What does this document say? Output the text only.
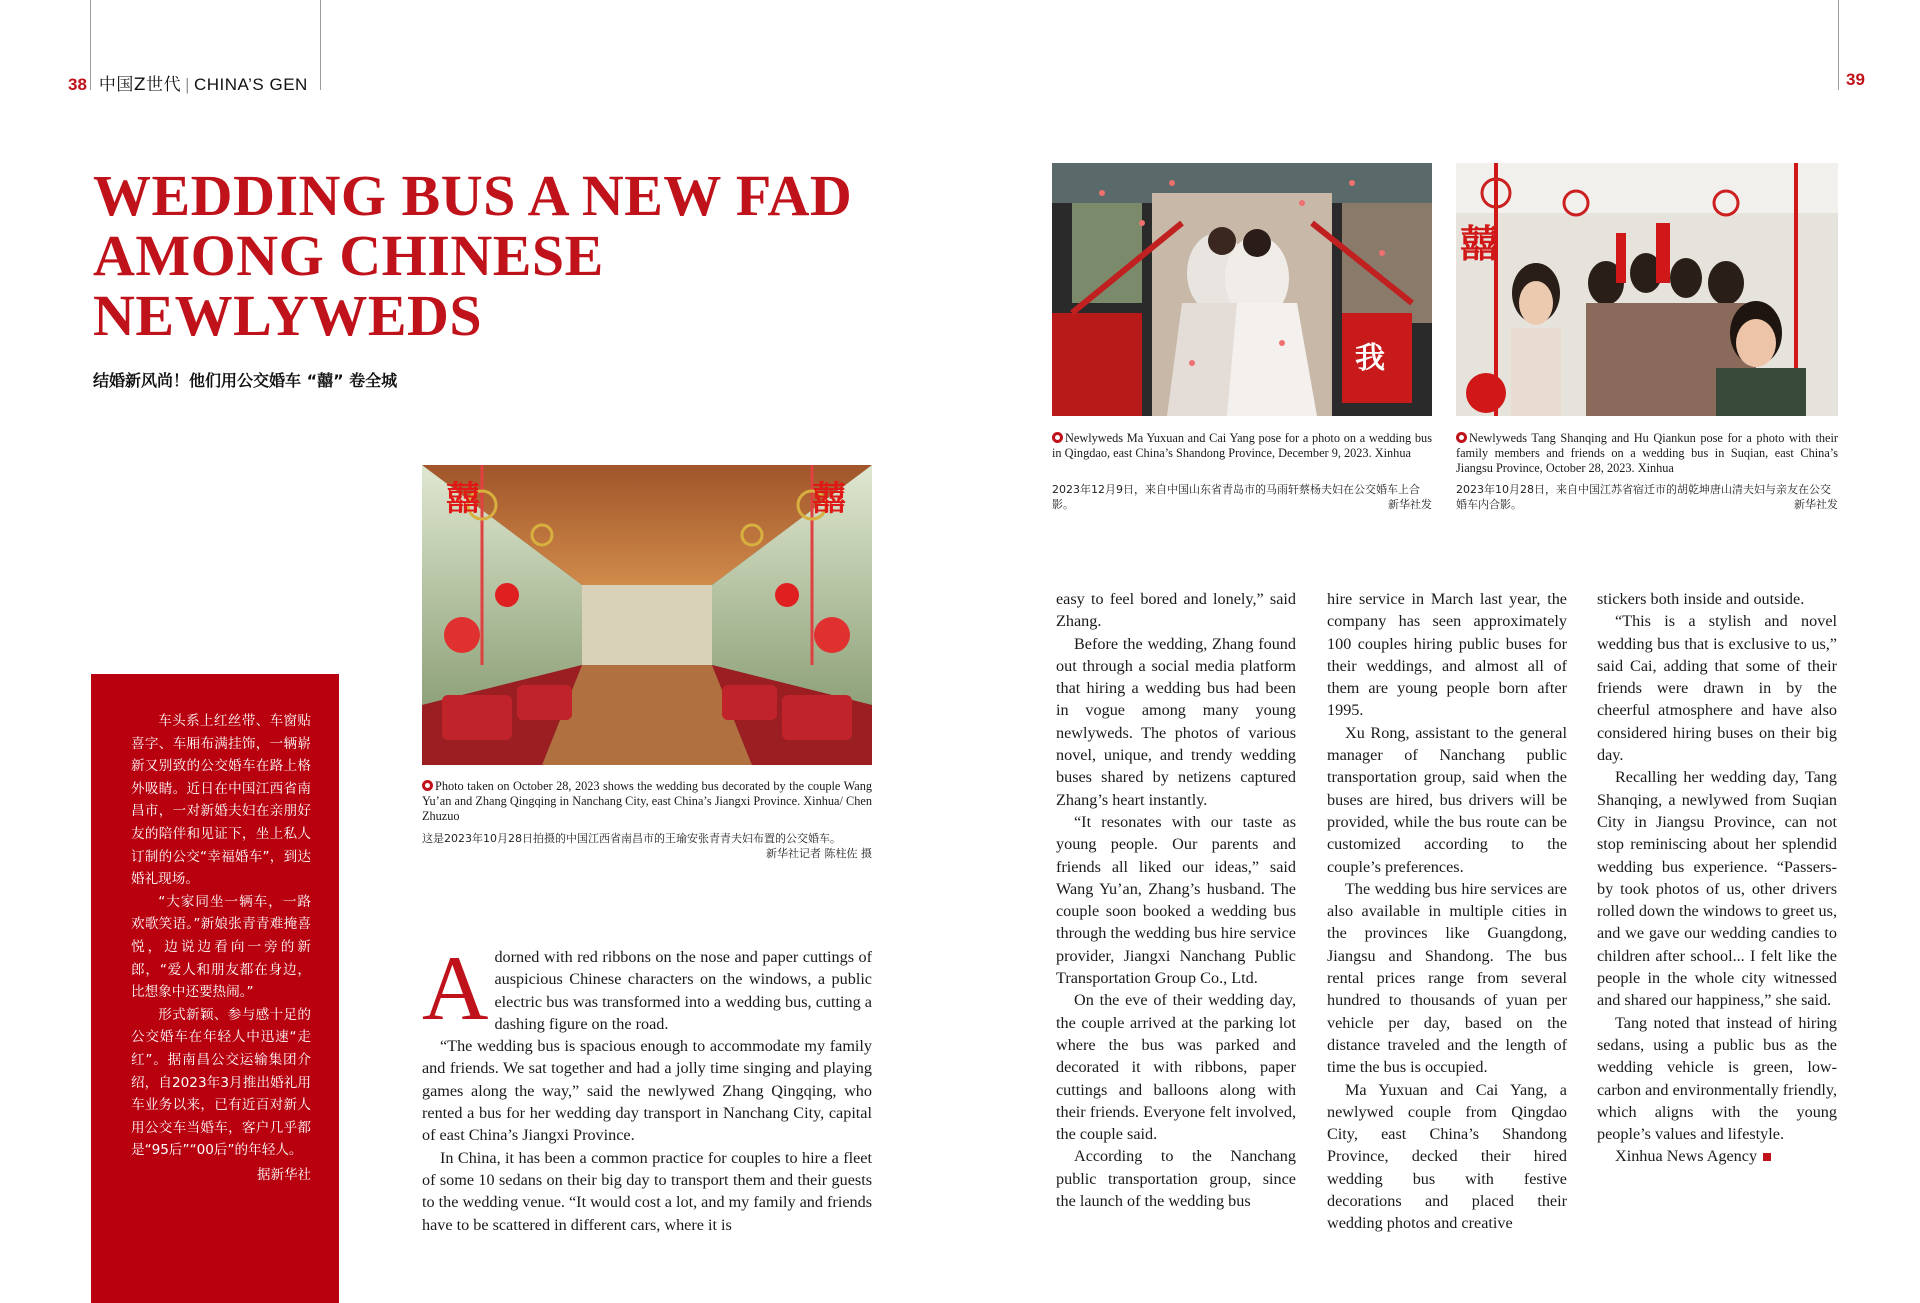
38 中国Z世代 | CHINA’S GEN	39
WEDDING BUS A NEW FAD
AMONG CHINESE
NEWLYWEDS
结婚新风尚！他们用公交婚车 “囍” 卷全城

车头系上红丝带、车窗贴喜字、车厢布满挂饰，一辆崭新又别致的公交婚车在路上格外吸睛。近日在中国江西省南昌市，一对新婚夫妇在亲朋好友的陪伴和见证下，坐上私人订制的公交“幸福婚车”，到达婚礼现场。

“大家同坐一辆车，一路欢歌笑语。”新娘张青青难掩喜悦，边说边看向一旁的新郎，“爱人和朋友都在身边，比想象中还要热闹。”

形式新颖、参与感十足的公交婚车在年轻人中迅速“走红”。据南昌公交运输集团介绍，自2023年3月推出婚礼用车业务以来，已有近百对新人用公交车当婚车，客户几乎都是“95后”“00后”的年轻人。

据新华社
囍	囍
Photo taken on October 28, 2023 shows the wedding bus decorated by the couple Wang Yu’an and Zhang Qingqing in Nanchang City, east China’s Jiangxi Province. Xinhua/ Chen Zhuzuo
这是2023年10月28日拍摄的中国江西省南昌市的王瑜安张青青夫妇布置的公交婚车。
新华社记者 陈柱佐 摄
我
Newlyweds Ma Yuxuan and Cai Yang pose for a photo on a wedding bus in Qingdao, east China’s Shandong Province, December 9, 2023. Xinhua
2023年12月9日，来自中国山东省青岛市的马雨轩蔡杨夫妇在公交婚车上合影。	新华社发
囍
Newlyweds Tang Shanqing and Hu Qiankun pose for a photo with their family members and friends on a wedding bus in Suqian, east China’s Jiangsu Province, October 28, 2023. Xinhua
2023年10月28日，来自中国江苏省宿迁市的胡乾坤唐山清夫妇与亲友在公交婚车内合影。	新华社发

Adorned with red ribbons on the nose and paper cuttings of auspicious Chinese characters on the windows, a public electric bus was transformed into a wedding bus, cutting a dashing figure on the road.

“The wedding bus is spacious enough to accommodate my family and friends. We sat together and had a jolly time singing and playing games along the way,” said the newlywed Zhang Qingqing, who rented a bus for her wedding day transport in Nanchang City, capital of east China’s Jiangxi Province.

In China, it has been a common practice for couples to hire a fleet of some 10 sedans on their big day to transport them and their guests to the wedding venue. “It would cost a lot, and my family and friends have to be scattered in different cars, where it is

easy to feel bored and lonely,” said Zhang.

Before the wedding, Zhang found out through a social media platform that hiring a wedding bus had been in vogue among many young newlyweds. The photos of various novel, unique, and trendy wedding buses shared by netizens captured Zhang’s heart instantly.

“It resonates with our taste as young people. Our parents and friends all liked our ideas,” said Wang Yu’an, Zhang’s husband. The couple soon booked a wedding bus through the wedding bus hire service provider, Jiangxi Nanchang Public Transportation Group Co., Ltd.

On the eve of their wedding day, the couple arrived at the parking lot where the bus was parked and decorated it with ribbons, paper cuttings and balloons along with their friends. Everyone felt involved, the couple said.

According to the Nanchang public transportation group, since the launch of the wedding bus

hire service in March last year, the company has seen approximately 100 couples hiring public buses for their weddings, and almost all of them are young people born after 1995.

Xu Rong, assistant to the general manager of Nanchang public transportation group, said when the buses are hired, bus drivers will be provided, while the bus route can be customized according to the couple’s preferences.

The wedding bus hire services are also available in multiple cities in the provinces like Guangdong, Jiangsu and Shandong. The bus rental prices range from several hundred to thousands of yuan per vehicle per day, based on the distance traveled and the length of time the bus is occupied.

Ma Yuxuan and Cai Yang, a newlywed couple from Qingdao City, east China’s Shandong Province, decked their hired wedding bus with festive decorations and placed their wedding photos and creative

stickers both inside and outside.

“This is a stylish and novel wedding bus that is exclusive to us,” said Cai, adding that some of their friends were drawn in by the cheerful atmosphere and have also considered hiring buses on their big day.

Recalling her wedding day, Tang Shanqing, a newlywed from Suqian City in Jiangsu Province, can not stop reminiscing about her splendid wedding bus experience. “Passers-by took photos of us, other drivers rolled down the windows to greet us, and we gave our wedding candies to children after school... I felt like the people in the whole city witnessed and shared our happiness,” she said.

Tang noted that instead of hiring sedans, using a public bus as the wedding vehicle is green, low-carbon and environmentally friendly, which aligns with the young people’s values and lifestyle.

Xinhua News Agency
